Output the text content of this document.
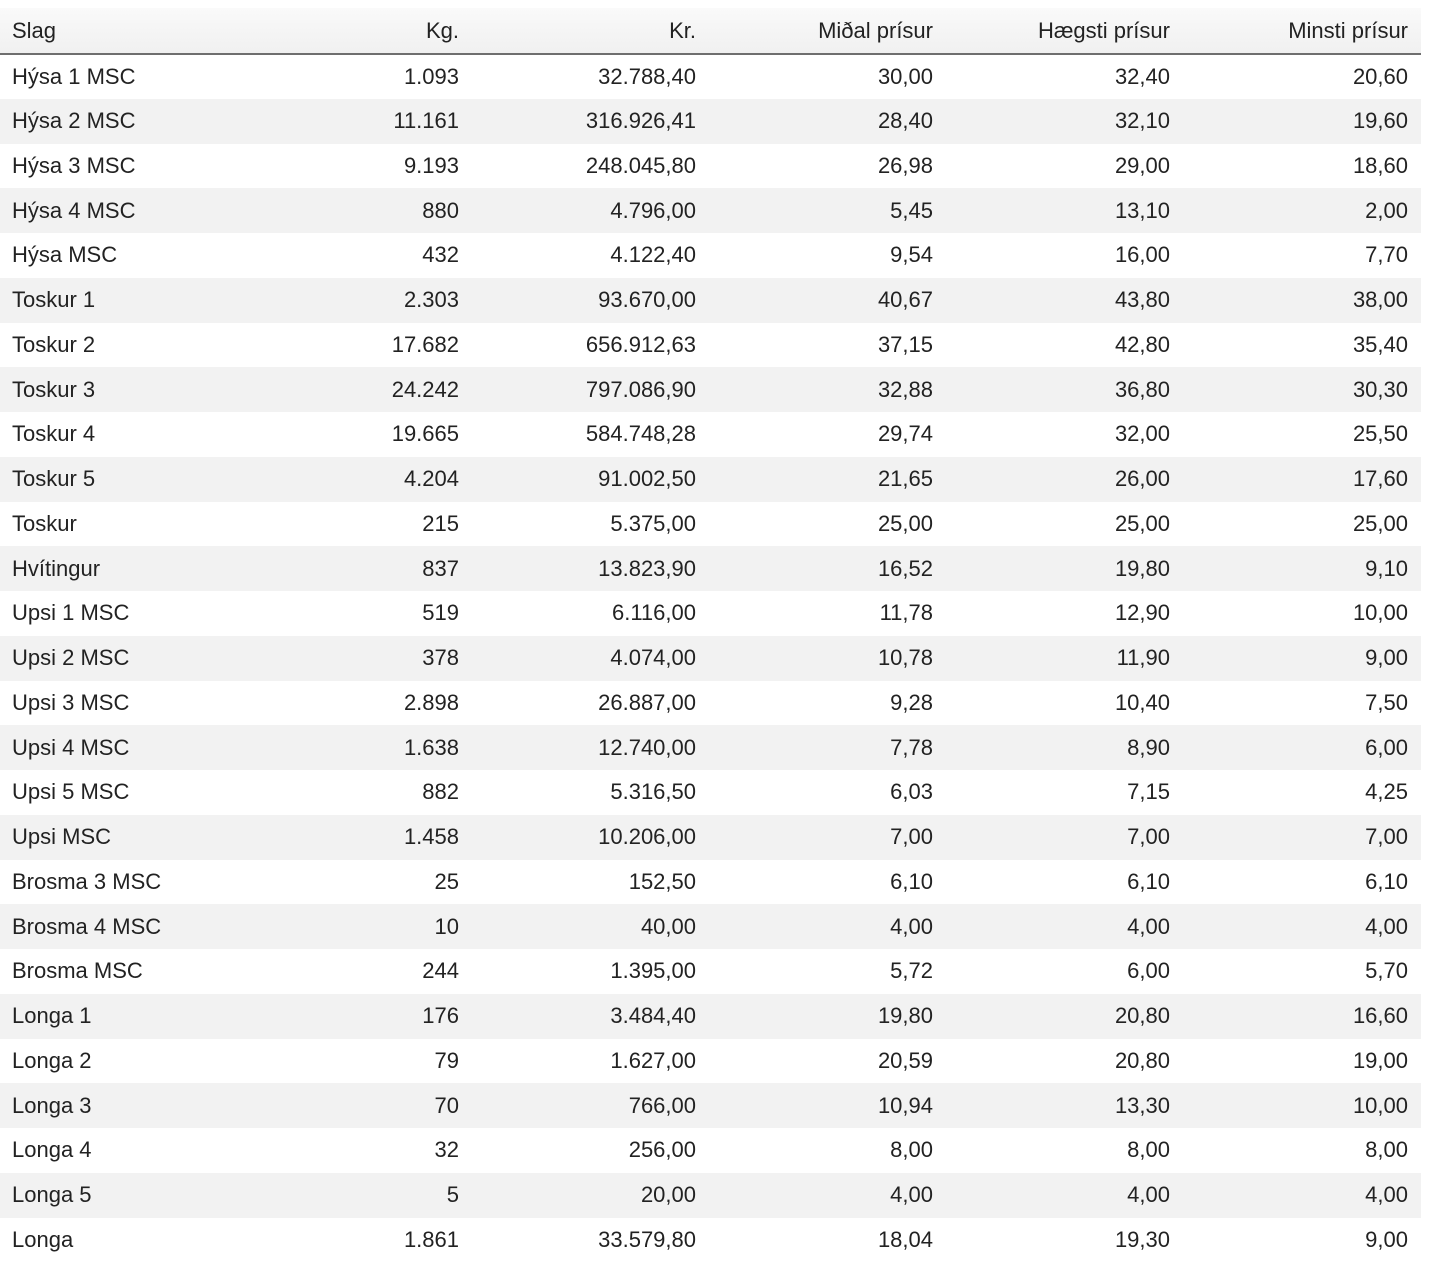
Slag	Kg.	Kr.	Miðal prísur	Hægsti prísur	Minsti prísur
Hýsa 1 MSC	1.093	32.788,40	30,00	32,40	20,60
Hýsa 2 MSC	11.161	316.926,41	28,40	32,10	19,60
Hýsa 3 MSC	9.193	248.045,80	26,98	29,00	18,60
Hýsa 4 MSC	880	4.796,00	5,45	13,10	2,00
Hýsa MSC	432	4.122,40	9,54	16,00	7,70
Toskur 1	2.303	93.670,00	40,67	43,80	38,00
Toskur 2	17.682	656.912,63	37,15	42,80	35,40
Toskur 3	24.242	797.086,90	32,88	36,80	30,30
Toskur 4	19.665	584.748,28	29,74	32,00	25,50
Toskur 5	4.204	91.002,50	21,65	26,00	17,60
Toskur	215	5.375,00	25,00	25,00	25,00
Hvítingur	837	13.823,90	16,52	19,80	9,10
Upsi 1 MSC	519	6.116,00	11,78	12,90	10,00
Upsi 2 MSC	378	4.074,00	10,78	11,90	9,00
Upsi 3 MSC	2.898	26.887,00	9,28	10,40	7,50
Upsi 4 MSC	1.638	12.740,00	7,78	8,90	6,00
Upsi 5 MSC	882	5.316,50	6,03	7,15	4,25
Upsi MSC	1.458	10.206,00	7,00	7,00	7,00
Brosma 3 MSC	25	152,50	6,10	6,10	6,10
Brosma 4 MSC	10	40,00	4,00	4,00	4,00
Brosma MSC	244	1.395,00	5,72	6,00	5,70
Longa 1	176	3.484,40	19,80	20,80	16,60
Longa 2	79	1.627,00	20,59	20,80	19,00
Longa 3	70	766,00	10,94	13,30	10,00
Longa 4	32	256,00	8,00	8,00	8,00
Longa 5	5	20,00	4,00	4,00	4,00
Longa	1.861	33.579,80	18,04	19,30	9,00
